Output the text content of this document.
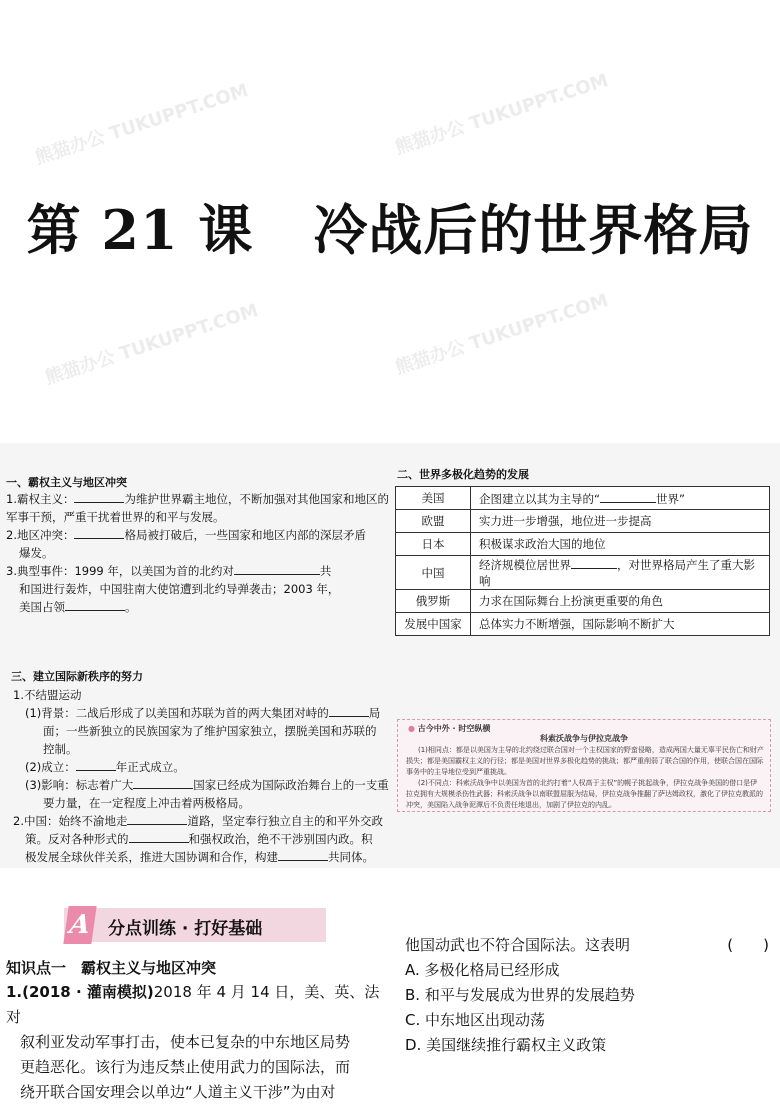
熊猫办公 TUKUPPT.COM	熊猫办公 TUKUPPT.COM
熊猫办公 TUKUPPT.COM	熊猫办公 TUKUPPT.COM
第 21 课 冷战后的世界格局
一、霸权主义与地区冲突
1.霸权主义：	为维护世界霸主地位，不断加强对其他国家和地区的
军事干预，严重干扰着世界的和平与发展。
2.地区冲突：	格局被打破后，一些国家和地区内部的深层矛盾
爆发。
3.典型事件：1999 年，以美国为首的北约对	共
和国进行轰炸，中国驻南大使馆遭到北约导弹袭击；2003 年，
美国占领	。
二、世界多极化趋势的发展
美国	企图建立以其为主导的“ 世界”
欧盟	实力进一步增强，地位进一步提高
日本	积极谋求政治大国的地位
中国	经济规模位居世界 ，对世界格局产生了重大影响
俄罗斯	力求在国际舞台上扮演更重要的角色
发展中国家	总体实力不断增强，国际影响不断扩大
三、建立国际新秩序的努力
1.不结盟运动
(1)背景：二战后形成了以美国和苏联为首的两大集团对峙的	局
面；一些新独立的民族国家为了维护国家独立，摆脱美国和苏联的
控制。
(2)成立：	年正式成立。
(3)影响：标志着广大	国家已经成为国际政治舞台上的一支重
要力量，在一定程度上冲击着两极格局。
2.中国：始终不渝地走	道路，坚定奉行独立自主的和平外交政
策。反对各种形式的	和强权政治，绝不干涉别国内政。积
极发展全球伙伴关系，推进大国协调和合作，构建	共同体。
● 古今中外 · 时空纵横
科索沃战争与伊拉克战争
(1)相同点：都是以美国为主导的北约绕过联合国对一个主权国家的野蛮侵略，造成两国大量无辜平民伤亡和财产损失；都是美国霸权主义的行径；都是美国对世界多极化趋势的挑战；都严重削弱了联合国的作用，使联合国在国际事务中的主导地位受到严重挑战。
(2)不同点：科索沃战争中以美国为首的北约打着“人权高于主权”的幌子挑起战争，伊拉克战争美国的借口是伊拉克拥有大规模杀伤性武器；科索沃战争以南联盟屈服为结局，伊拉克战争推翻了萨达姆政权，激化了伊拉克教派的冲突，美国陷入战争泥潭后不负责任地退出，加剧了伊拉克的内乱。
A 分点训练 · 打好基础
知识点一　霸权主义与地区冲突
1.(2018 · 灌南模拟)2018 年 4 月 14 日，美、英、法对
叙利亚发动军事打击，使本已复杂的中东地区局势
更趋恶化。该行为违反禁止使用武力的国际法，而
绕开联合国安理会以单边“人道主义干涉”为由对
他国动武也不符合国际法。这表明	(　　)
A. 多极化格局已经形成
B. 和平与发展成为世界的发展趋势
C. 中东地区出现动荡
D. 美国继续推行霸权主义政策
